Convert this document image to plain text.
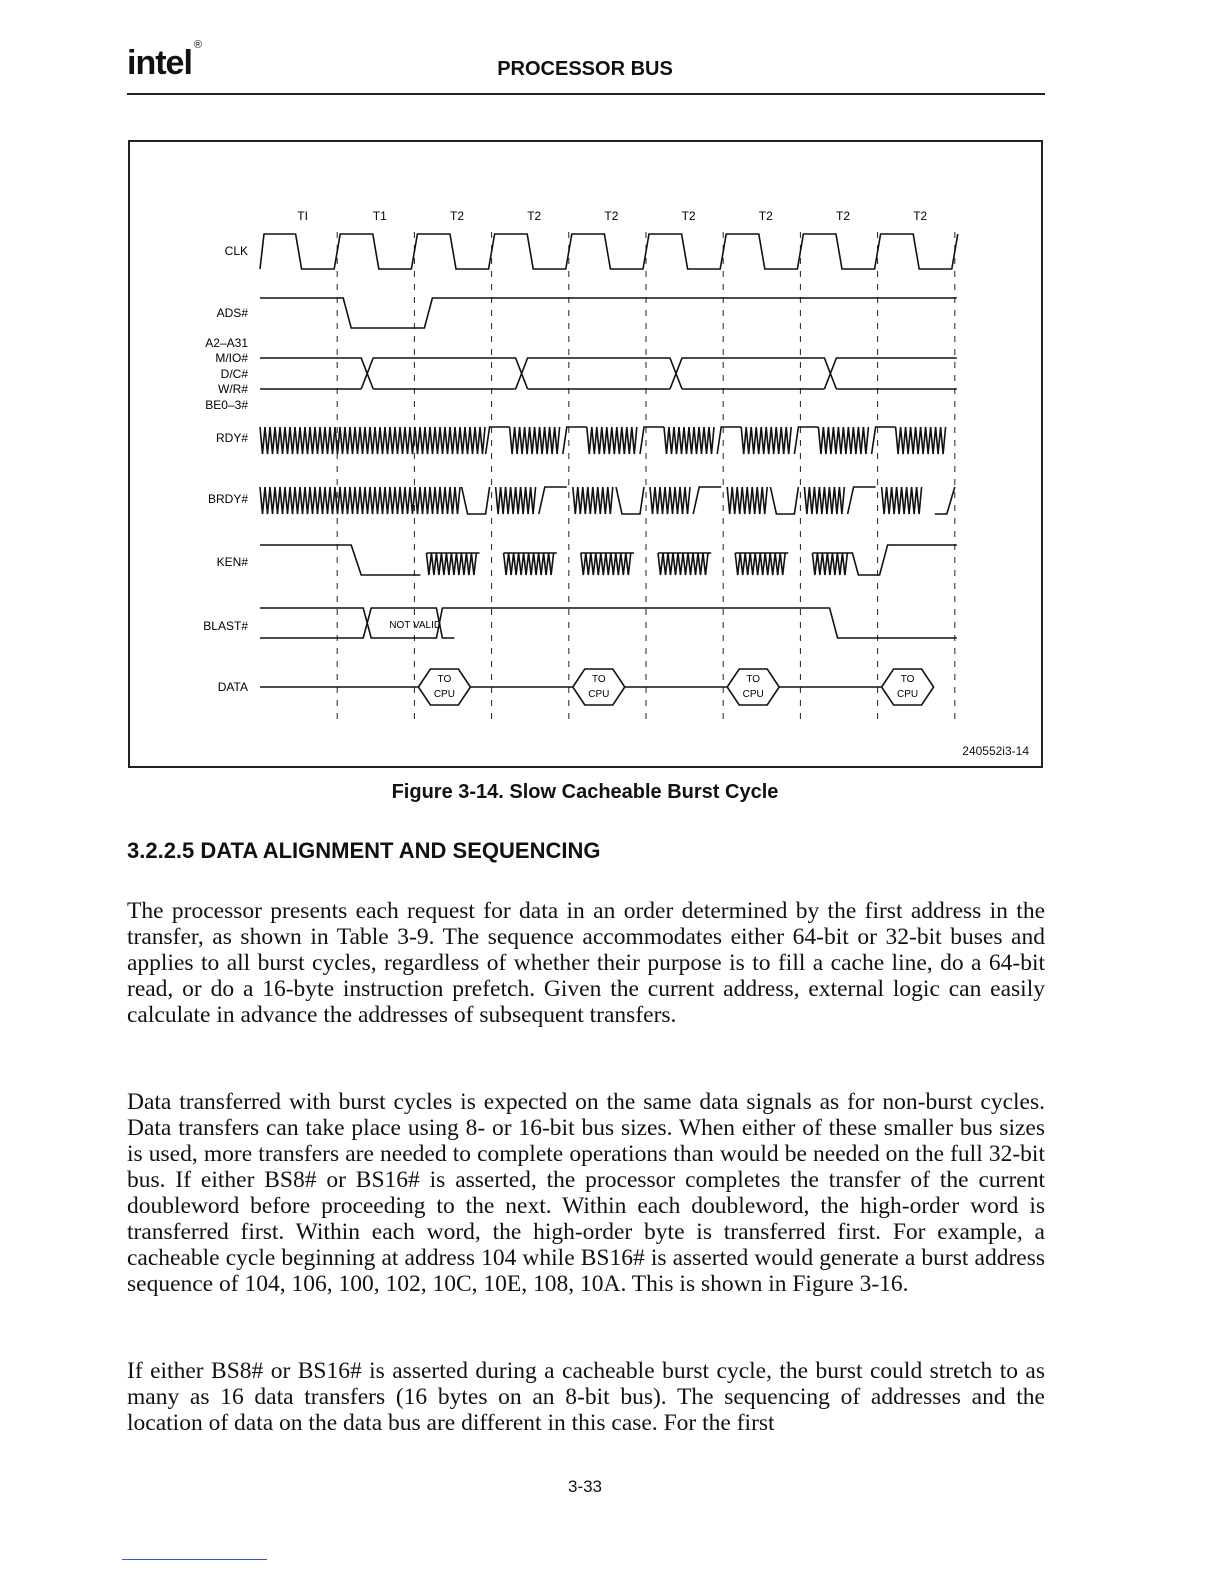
intel ®
PROCESSOR BUS
TI	T1	T2	T2	T2	T2	T2	T2	T2
CLK
ADS#
A2–A31
M/IO#
D/C#
W/R#
BE0–3#
RDY#
BRDY#
KEN#
BLAST#
DATA
NOT VALID
TO
CPU
TO
CPU
TO
CPU
TO
CPU
240552i3-14
Figure 3-14. Slow Cacheable Burst Cycle
3.2.2.5 DATA ALIGNMENT AND SEQUENCING

The processor presents each request for data in an order determined by the first address in the transfer, as shown in Table 3-9. The sequence accommodates either 64-bit or 32-bit buses and applies to all burst cycles, regardless of whether their purpose is to fill a cache line, do a 64-bit read, or do a 16-byte instruction prefetch. Given the current address, external logic can easily calculate in advance the addresses of subsequent transfers.

Data transferred with burst cycles is expected on the same data signals as for non-burst cycles. Data transfers can take place using 8- or 16-bit bus sizes. When either of these smaller bus sizes is used, more transfers are needed to complete operations than would be needed on the full 32-bit bus. If either BS8# or BS16# is asserted, the processor completes the transfer of the current doubleword before proceeding to the next. Within each doubleword, the high-order word is transferred first. Within each word, the high-order byte is transferred first. For example, a cacheable cycle beginning at address 104 while BS16# is asserted would generate a burst address sequence of 104, 106, 100, 102, 10C, 10E, 108, 10A. This is shown in Figure 3-16.

If either BS8# or BS16# is asserted during a cacheable burst cycle, the burst could stretch to as many as 16 data transfers (16 bytes on an 8-bit bus). The sequencing of addresses and the location of data on the data bus are different in this case. For the first

3-33
